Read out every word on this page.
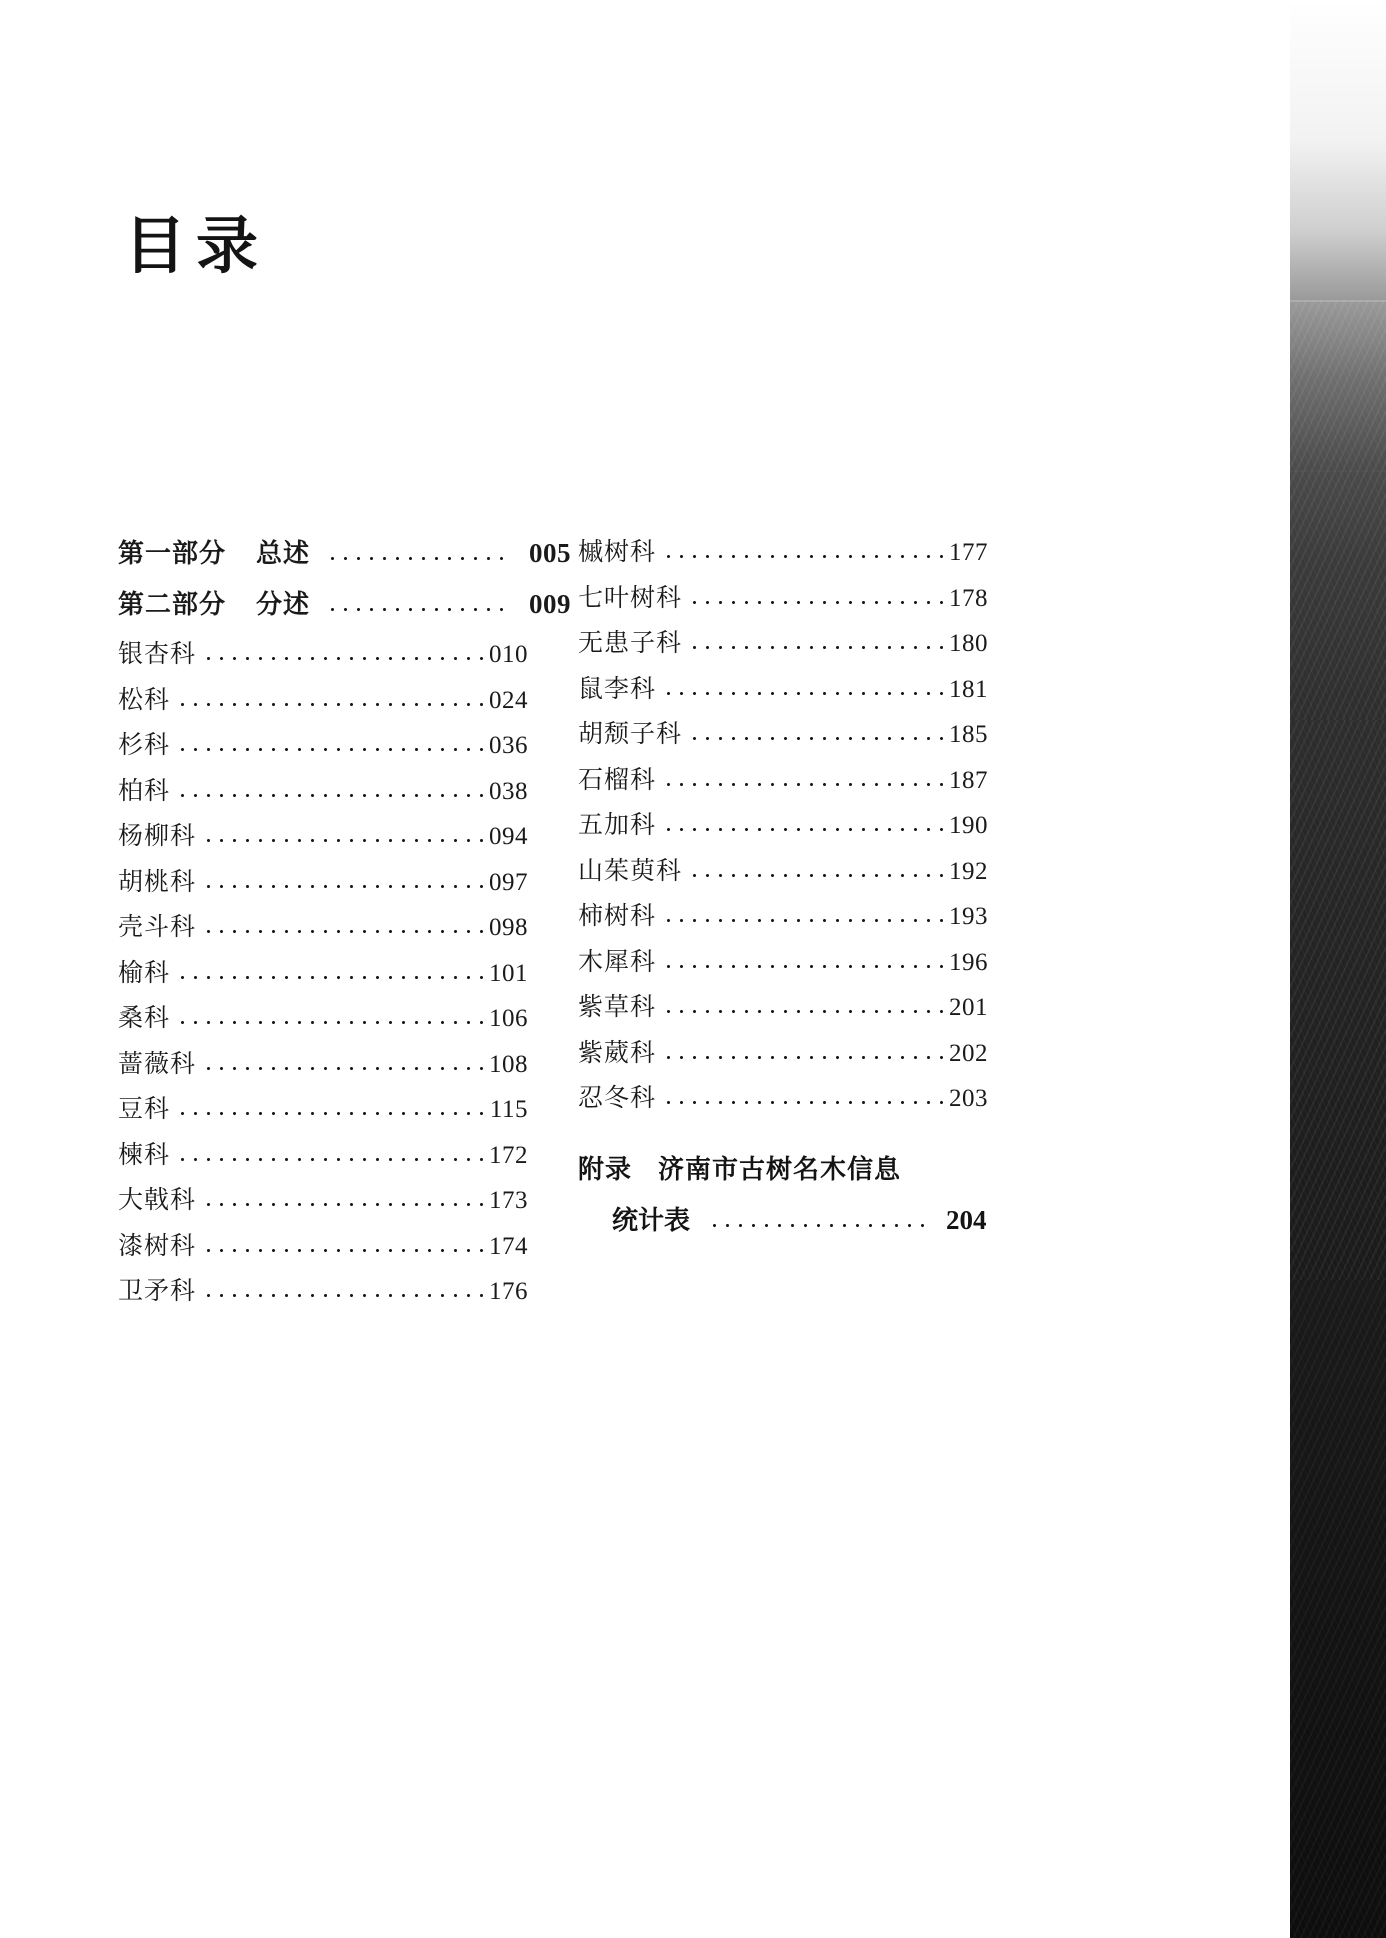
目录
第一部分 总述	005
第二部分 分述	009
银杏科	010
松科	024
杉科	036
柏科	038
杨柳科	094
胡桃科	097
壳斗科	098
榆科	101
桑科	106
蔷薇科	108
豆科	115
楝科	172
大戟科	173
漆树科	174
卫矛科	176
槭树科	177
七叶树科	178
无患子科	180
鼠李科	181
胡颓子科	185
石榴科	187
五加科	190
山茱萸科	192
柿树科	193
木犀科	196
紫草科	201
紫葳科	202
忍冬科	203
附录 济南市古树名木信息
统计表	204
